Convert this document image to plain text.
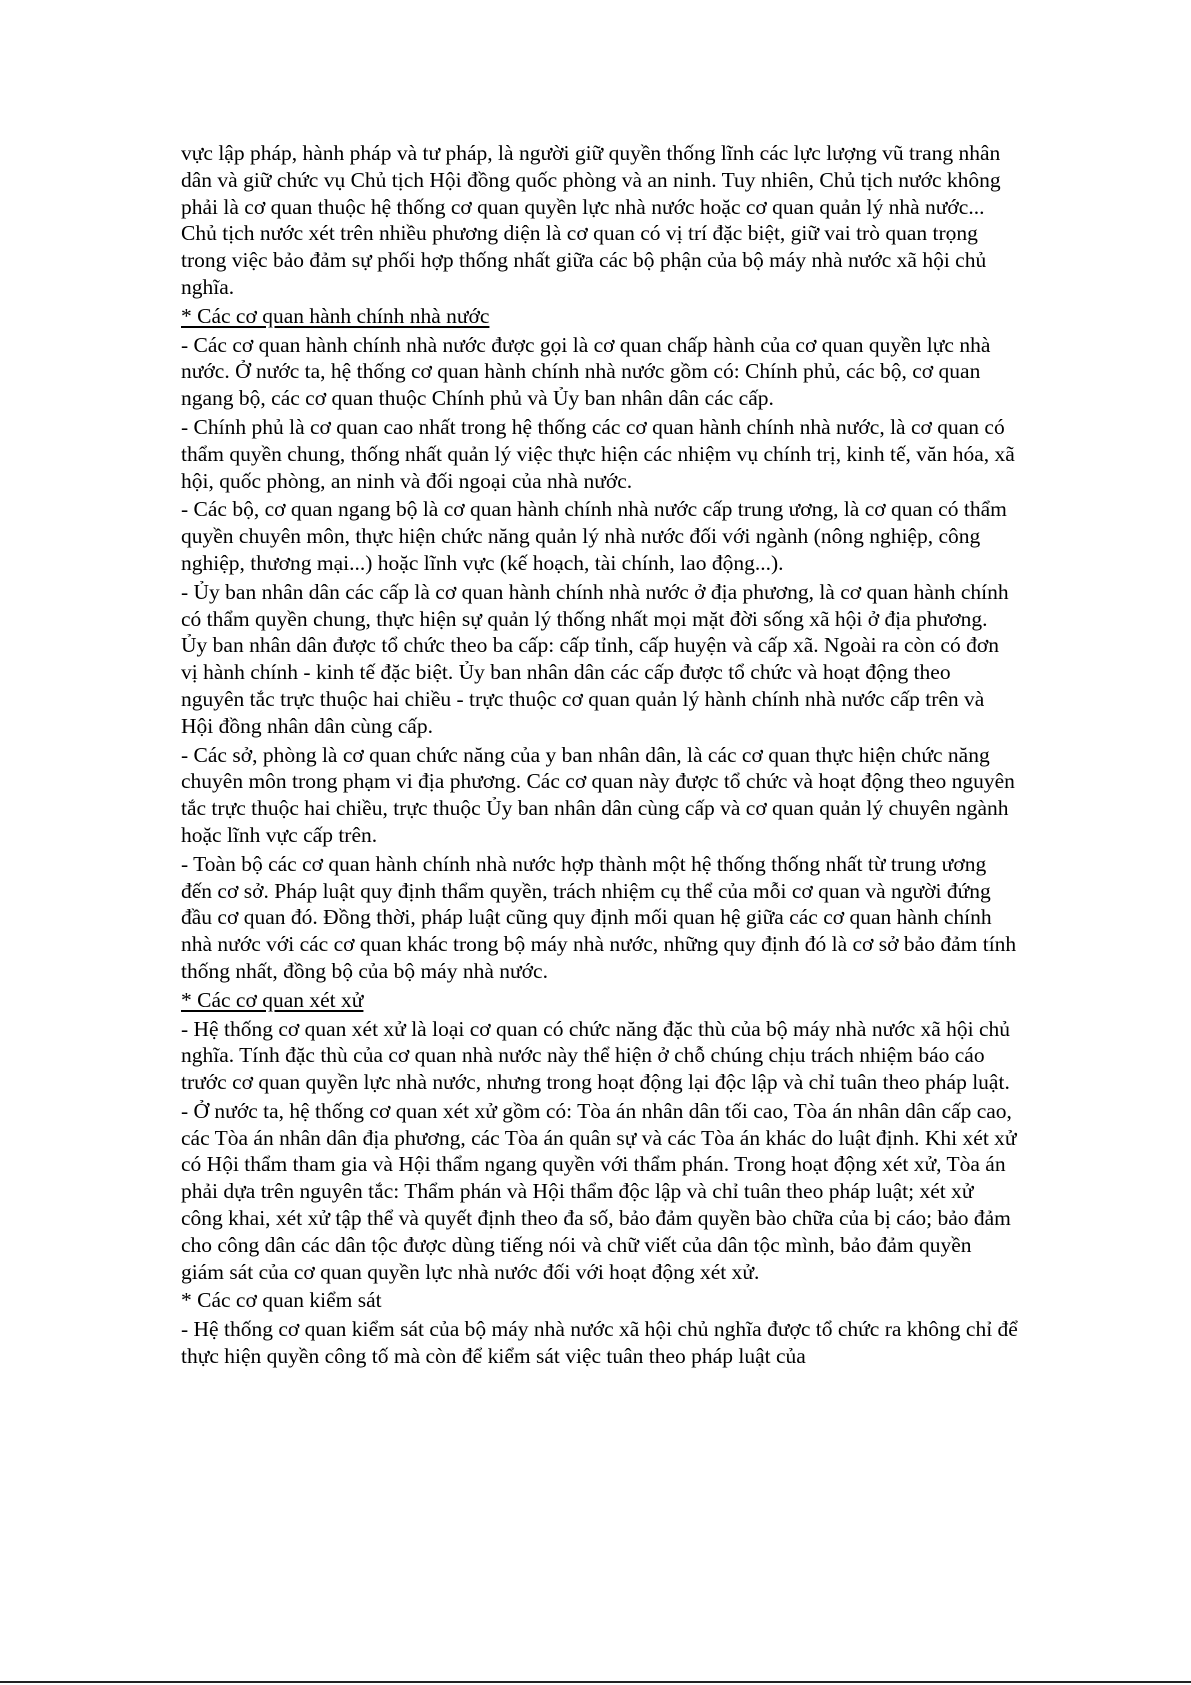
vực lập pháp, hành pháp và tư pháp, là người giữ quyền thống lĩnh các lực lượng vũ trang nhân dân và giữ chức vụ Chủ tịch Hội đồng quốc phòng và an ninh. Tuy nhiên, Chủ tịch nước không phải là cơ quan thuộc hệ thống cơ quan quyền lực nhà nước hoặc cơ quan quản lý nhà nước... Chủ tịch nước xét trên nhiều phương diện là cơ quan có vị trí đặc biệt, giữ vai trò quan trọng trong việc bảo đảm sự phối hợp thống nhất giữa các bộ phận của bộ máy nhà nước xã hội chủ nghĩa.

* Các cơ quan hành chính nhà nước

- Các cơ quan hành chính nhà nước được gọi là cơ quan chấp hành của cơ quan quyền lực nhà nước. Ở nước ta, hệ thống cơ quan hành chính nhà nước gồm có: Chính phủ, các bộ, cơ quan ngang bộ, các cơ quan thuộc Chính phủ và Ủy ban nhân dân các cấp.

- Chính phủ là cơ quan cao nhất trong hệ thống các cơ quan hành chính nhà nước, là cơ quan có thẩm quyền chung, thống nhất quản lý việc thực hiện các nhiệm vụ chính trị, kinh tế, văn hóa, xã hội, quốc phòng, an ninh và đối ngoại của nhà nước.

- Các bộ, cơ quan ngang bộ là cơ quan hành chính nhà nước cấp trung ương, là cơ quan có thẩm quyền chuyên môn, thực hiện chức năng quản lý nhà nước đối với ngành (nông nghiệp, công nghiệp, thương mại...) hoặc lĩnh vực (kế hoạch, tài chính, lao động...).

- Ủy ban nhân dân các cấp là cơ quan hành chính nhà nước ở địa phương, là cơ quan hành chính có thẩm quyền chung, thực hiện sự quản lý thống nhất mọi mặt đời sống xã hội ở địa phương. Ủy ban nhân dân được tổ chức theo ba cấp: cấp tỉnh, cấp huyện và cấp xã. Ngoài ra còn có đơn vị hành chính - kinh tế đặc biệt. Ủy ban nhân dân các cấp được tổ chức và hoạt động theo nguyên tắc trực thuộc hai chiều - trực thuộc cơ quan quản lý hành chính nhà nước cấp trên và Hội đồng nhân dân cùng cấp.

- Các sở, phòng là cơ quan chức năng của y ban nhân dân, là các cơ quan thực hiện chức năng chuyên môn trong phạm vi địa phương. Các cơ quan này được tổ chức và hoạt động theo nguyên tắc trực thuộc hai chiều, trực thuộc Ủy ban nhân dân cùng cấp và cơ quan quản lý chuyên ngành hoặc lĩnh vực cấp trên.

- Toàn bộ các cơ quan hành chính nhà nước hợp thành một hệ thống thống nhất từ trung ương đến cơ sở. Pháp luật quy định thẩm quyền, trách nhiệm cụ thể của mỗi cơ quan và người đứng đầu cơ quan đó. Đồng thời, pháp luật cũng quy định mối quan hệ giữa các cơ quan hành chính nhà nước với các cơ quan khác trong bộ máy nhà nước, những quy định đó là cơ sở bảo đảm tính thống nhất, đồng bộ của bộ máy nhà nước.

* Các cơ quan xét xử

- Hệ thống cơ quan xét xử là loại cơ quan có chức năng đặc thù của bộ máy nhà nước xã hội chủ nghĩa. Tính đặc thù của cơ quan nhà nước này thể hiện ở chỗ chúng chịu trách nhiệm báo cáo trước cơ quan quyền lực nhà nước, nhưng trong hoạt động lại độc lập và chỉ tuân theo pháp luật.

- Ở nước ta, hệ thống cơ quan xét xử gồm có: Tòa án nhân dân tối cao, Tòa án nhân dân cấp cao, các Tòa án nhân dân địa phương, các Tòa án quân sự và các Tòa án khác do luật định. Khi xét xử có Hội thẩm tham gia và Hội thẩm ngang quyền với thẩm phán. Trong hoạt động xét xử, Tòa án phải dựa trên nguyên tắc: Thẩm phán và Hội thẩm độc lập và chỉ tuân theo pháp luật; xét xử công khai, xét xử tập thể và quyết định theo đa số, bảo đảm quyền bào chữa của bị cáo; bảo đảm cho công dân các dân tộc được dùng tiếng nói và chữ viết của dân tộc mình, bảo đảm quyền giám sát của cơ quan quyền lực nhà nước đối với hoạt động xét xử.

* Các cơ quan kiểm sát

- Hệ thống cơ quan kiểm sát của bộ máy nhà nước xã hội chủ nghĩa được tổ chức ra không chỉ để thực hiện quyền công tố mà còn để kiểm sát việc tuân theo pháp luật của
